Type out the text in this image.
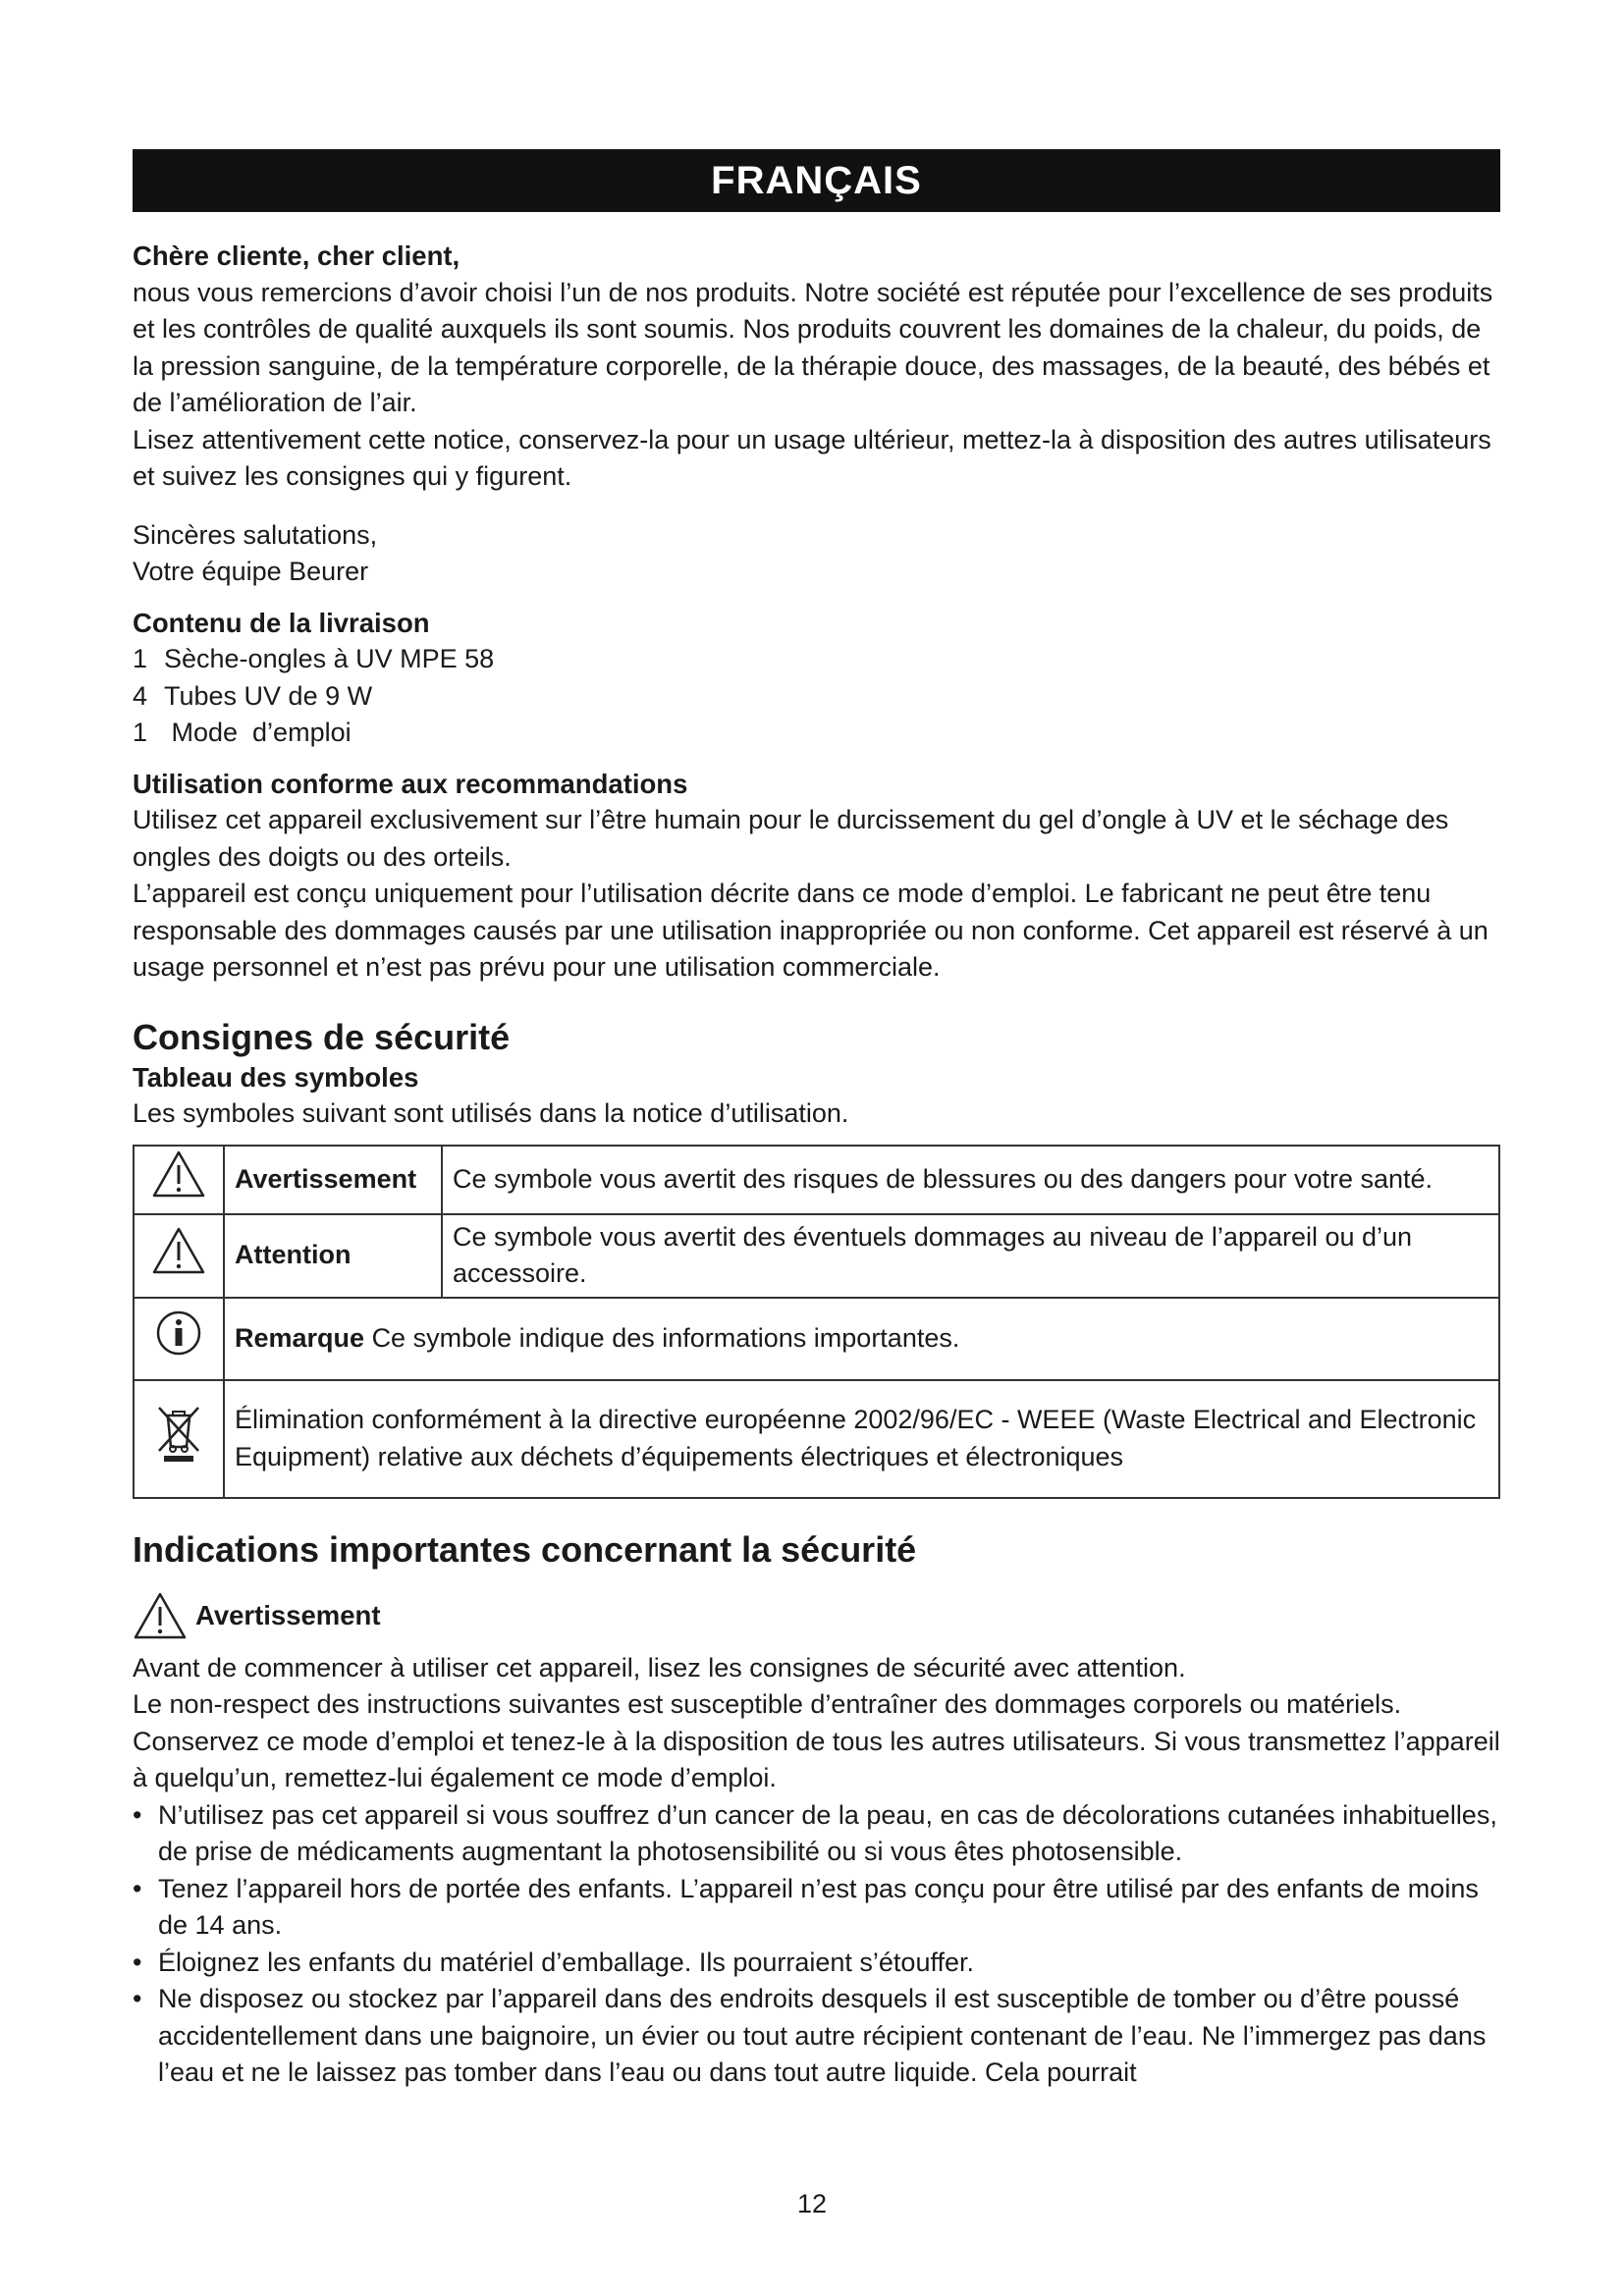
FRANÇAIS

Chère cliente, cher client,

nous vous remercions d’avoir choisi l’un de nos produits. Notre société est réputée pour l’excellence de ses produits et les contrôles de qualité auxquels ils sont soumis. Nos produits couvrent les domaines de la chaleur, du poids, de la pression sanguine, de la température corporelle, de la thérapie douce, des massages, de la beauté, des bébés et de l’amélioration de l’air.

Lisez attentivement cette notice, conservez-la pour un usage ultérieur, mettez-la à disposition des autres utilisateurs et suivez les consignes qui y figurent.

Sincères salutations,

Votre équipe Beurer

Contenu de la livraison

1 Sèche-ongles à UV MPE 58
4 Tubes UV de 9 W
1 Mode  d’emploi

Utilisation conforme aux recommandations

Utilisez cet appareil exclusivement sur l’être humain pour le durcissement du gel d’ongle à UV et le séchage des ongles des doigts ou des orteils.

L’appareil est conçu uniquement pour l’utilisation décrite dans ce mode d’emploi. Le fabricant ne peut être tenu responsable des dommages causés par une utilisation inappropriée ou non conforme. Cet appareil est réservé à un usage personnel et n’est pas prévu pour une utilisation commerciale.

Consignes de sécurité

Tableau des symboles

Les symboles suivant sont utilisés dans la notice d’utilisation.

	Avertissement	Ce symbole vous avertit des risques de blessures ou des dangers pour votre santé.
	Attention	Ce symbole vous avertit des éventuels dommages au niveau de l’appareil ou d’un accessoire.
	Remarque Ce symbole indique des informations importantes.	
	Élimination conformément à la directive européenne 2002/96/EC - WEEE (Waste Electrical and Electronic Equipment) relative aux déchets d’équipements électriques et électroniques	

Indications importantes concernant la sécurité

Avertissement

Avant de commencer à utiliser cet appareil, lisez les consignes de sécurité avec attention.

Le non-respect des instructions suivantes est susceptible d’entraîner des dommages corporels ou matériels.

Conservez ce mode d’emploi et tenez-le à la disposition de tous les autres utilisateurs. Si vous transmettez l’appareil à quelqu’un, remettez-lui également ce mode d’emploi.

• N’utilisez pas cet appareil si vous souffrez d’un cancer de la peau, en cas de décolorations cutanées inhabituelles, de prise de médicaments augmentant la photosensibilité ou si vous êtes photosensible.
• Tenez l’appareil hors de portée des enfants. L’appareil n’est pas conçu pour être utilisé par des enfants de moins de 14 ans.
• Éloignez les enfants du matériel d’emballage. Ils pourraient s’étouffer.
• Ne disposez ou stockez par l’appareil dans des endroits desquels il est susceptible de tomber ou d’être poussé accidentellement dans une baignoire, un évier ou tout autre récipient contenant de l’eau. Ne l’immergez pas dans l’eau et ne le laissez pas tomber dans l’eau ou dans tout autre liquide. Cela pourrait
12
